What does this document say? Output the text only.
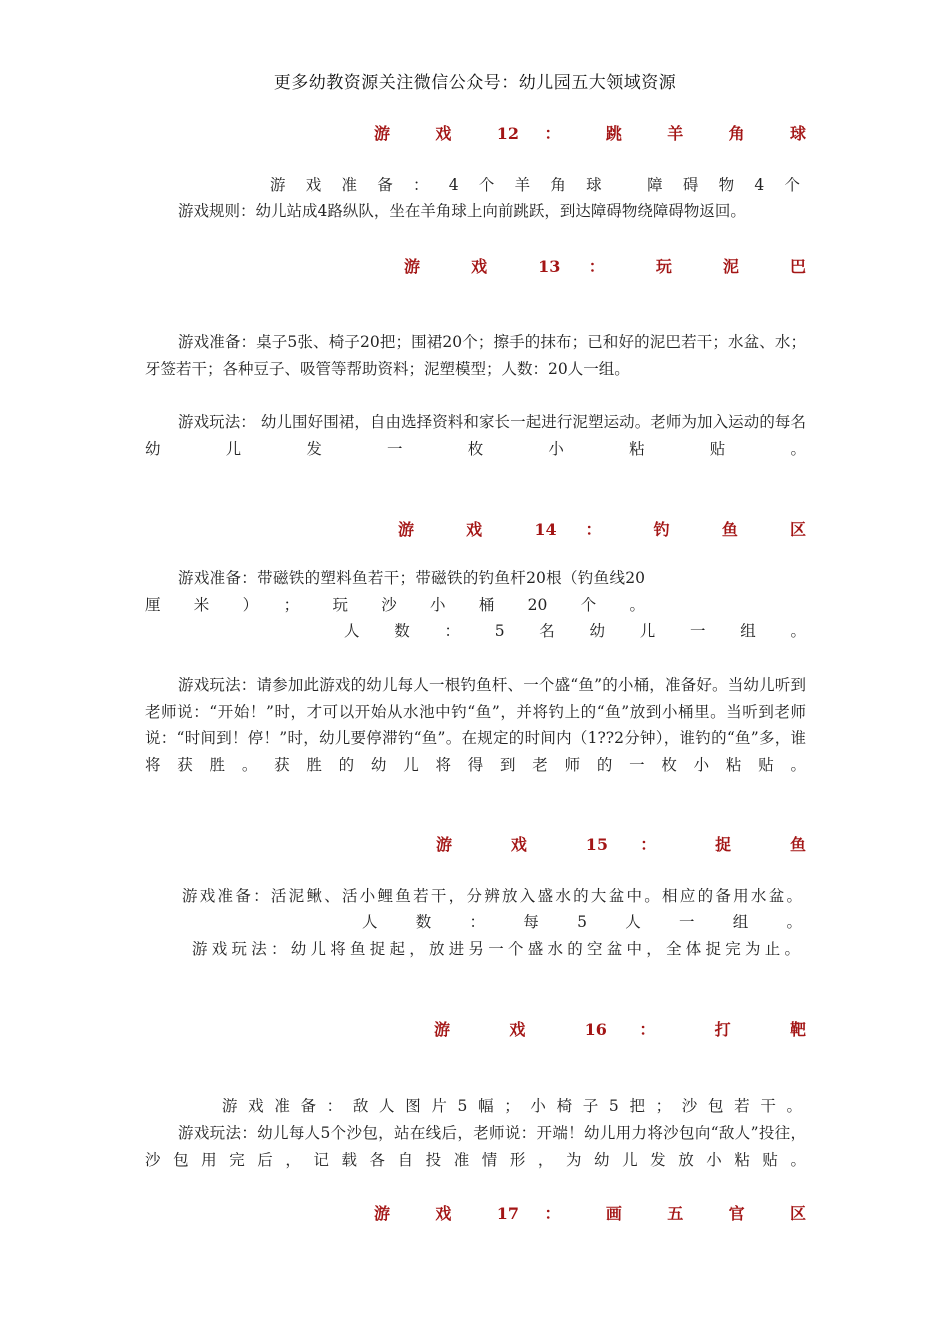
更多幼教资源关注微信公众号：幼儿园五大领域资源
游 戏 12 ： 跳 羊 角 球
游戏准备：4个羊角球 障碍物4个
游戏规则：幼儿站成4路纵队，坐在羊角球上向前跳跃，到达障碍物绕障碍物返回。
游 戏 13 ： 玩 泥 巴
游戏准备：桌子5张、椅子20把；围裙20个；擦手的抹布；已和好的泥巴若干；水盆、水；牙签若干；各种豆子、吸管等帮助资料；泥塑模型；人数：20人一组。
游戏玩法： 幼儿围好围裙，自由选择资料和家长一起进行泥塑运动。老师为加入运动的每名幼儿发一枚小粘贴。
游 戏 14 ： 钓 鱼 区
游戏准备：带磁铁的塑料鱼若干；带磁铁的钓鱼杆20根（钓鱼线20厘米）；玩沙小桶20个。
人数：5名幼儿一组。
游戏玩法：请参加此游戏的幼儿每人一根钓鱼杆、一个盛“鱼”的小桶，准备好。当幼儿听到老师说：“开始！”时，才可以开始从水池中钓“鱼”，并将钓上的“鱼”放到小桶里。当听到老师说：“时间到！停！”时，幼儿要停滞钓“鱼”。在规定的时间内（1??2分钟），谁钓的“鱼”多，谁将获胜。获胜的幼儿将得到老师的一枚小粘贴。
游 戏 15 ： 捉 鱼
游戏准备：活泥鳅、活小鲤鱼若干，分辨放入盛水的大盆中。相应的备用水盆。
人数：每5人一组。
游戏玩法：幼儿将鱼捉起，放进另一个盛水的空盆中，全体捉完为止。
游 戏 16 ： 打 靶
游戏准备：敌人图片5幅；小椅子5把；沙包若干。
游戏玩法：幼儿每人5个沙包，站在线后，老师说：开端！幼儿用力将沙包向“敌人”投往，沙包用完后，记载各自投准情形，为幼儿发放小粘贴。
游 戏 17 ： 画 五 官 区
